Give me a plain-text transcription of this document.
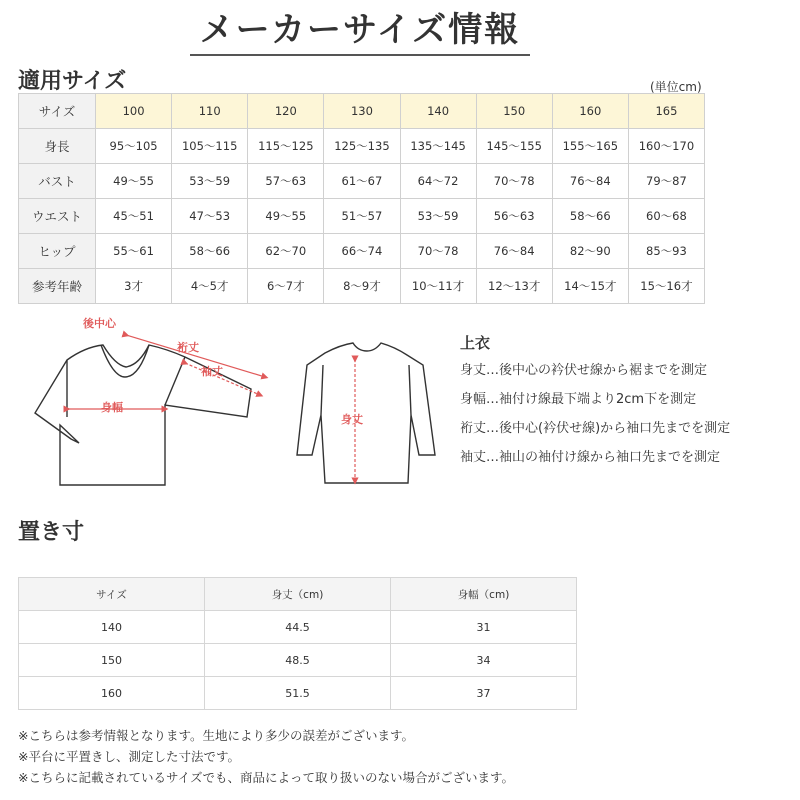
メーカーサイズ情報
適用サイズ	(単位cm)
サイズ	100	110	120	130	140	150	160	165
身長	95〜105	105〜115	115〜125	125〜135	135〜145	145〜155	155〜165	160〜170
バスト	49〜55	53〜59	57〜63	61〜67	64〜72	70〜78	76〜84	79〜87
ウエスト	45〜51	47〜53	49〜55	51〜57	53〜59	56〜63	58〜66	60〜68
ヒップ	55〜61	58〜66	62〜70	66〜74	70〜78	76〜84	82〜90	85〜93
参考年齢	3才	4〜5才	6〜7才	8〜9才	10〜11才	12〜13才	14〜15才	15〜16才
後中心
裄丈
袖丈
身幅
身丈
上衣
身丈…後中心の衿伏せ線から裾までを測定
身幅…袖付け線最下端より2cm下を測定
裄丈…後中心(衿伏せ線)から袖口先までを測定
袖丈…袖山の袖付け線から袖口先までを測定
置き寸
サイズ	身丈（cm)	身幅（cm)
140	44.5	31
150	48.5	34
160	51.5	37
※こちらは参考情報となります。生地により多少の誤差がございます。
※平台に平置きし、測定した寸法です。
※こちらに記載されているサイズでも、商品によって取り扱いのない場合がございます。
